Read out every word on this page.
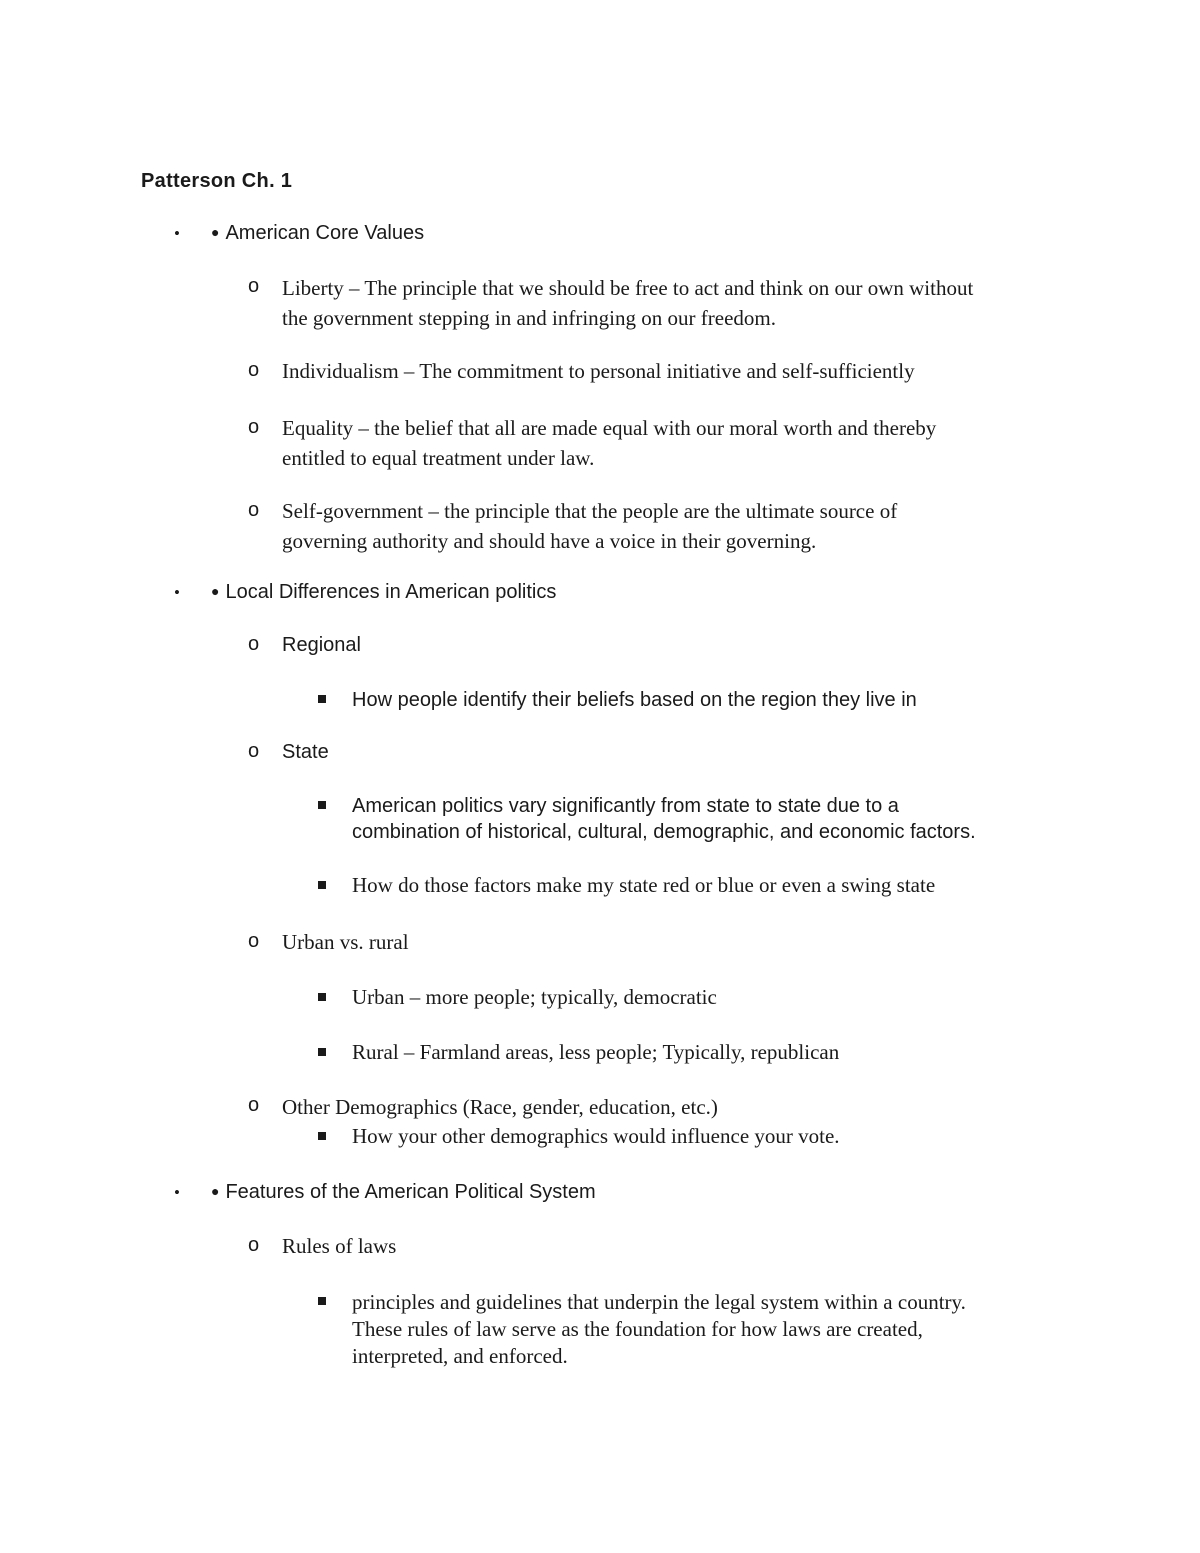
Patterson Ch. 1
• ● American Core Values
o Liberty – The principle that we should be free to act and think on our own without
the government stepping in and infringing on our freedom.
o Individualism – The commitment to personal initiative and self-sufficiently
o Equality – the belief that all are made equal with our moral worth and thereby
entitled to equal treatment under law.
o Self-government – the principle that the people are the ultimate source of
governing authority and should have a voice in their governing.
• ● Local Differences in American politics
o Regional
How people identify their beliefs based on the region they live in
o State
American politics vary significantly from state to state due to a
combination of historical, cultural, demographic, and economic factors.
How do those factors make my state red or blue or even a swing state
o Urban vs. rural
Urban – more people; typically, democratic
Rural – Farmland areas, less people; Typically, republican
o Other Demographics (Race, gender, education, etc.)
How your other demographics would influence your vote.
• ● Features of the American Political System
o Rules of laws
principles and guidelines that underpin the legal system within a country.
These rules of law serve as the foundation for how laws are created,
interpreted, and enforced.
